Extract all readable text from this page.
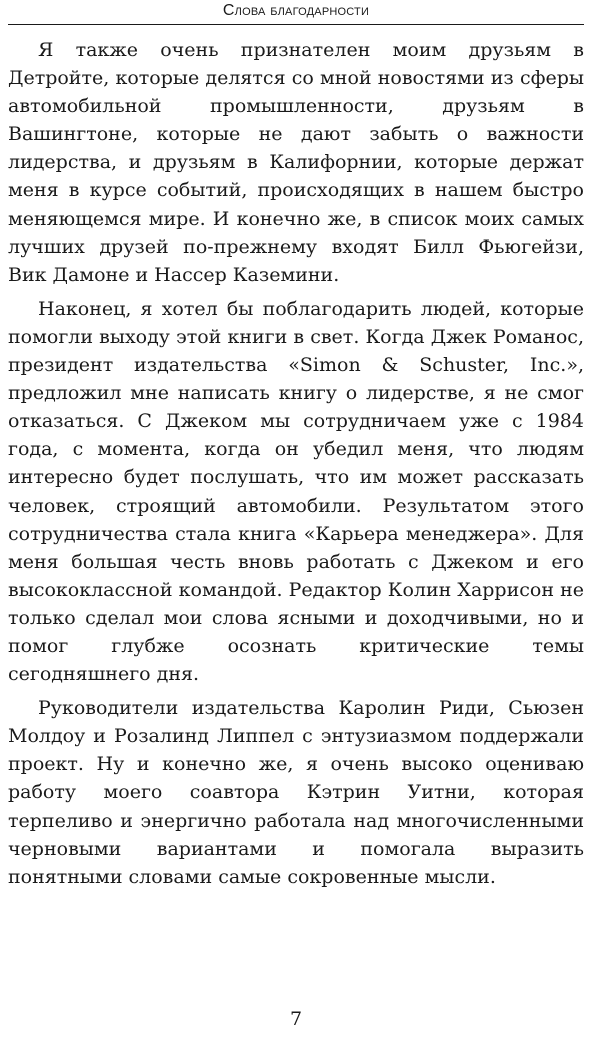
Слова благодарности

Я также очень признателен моим друзьям в Детройте, которые делятся со мной новостями из сферы автомобильной промышленности, друзьям в Вашингтоне, которые не дают забыть о важности лидерства, и друзьям в Калифорнии, которые держат меня в курсе событий, происходящих в нашем быстро меняющемся мире. И конечно же, в список моих самых лучших друзей по-прежнему входят Билл Фьюгейзи, Вик Дамоне и Нассер Каземини.

Наконец, я хотел бы поблагодарить людей, которые помогли выходу этой книги в свет. Когда Джек Романос, президент издательства «Simon & Schuster, Inc.», предложил мне написать книгу о лидерстве, я не смог отказаться. С Джеком мы сотрудничаем уже с 1984 года, с момента, когда он убедил меня, что людям интересно будет послушать, что им может рассказать человек, строящий автомобили. Результатом этого сотрудничества стала книга «Карьера менеджера». Для меня большая честь вновь работать с Джеком и его высококлассной командой. Редактор Колин Харрисон не только сделал мои слова ясными и доходчивыми, но и помог глубже осознать критические темы сегодняшнего дня.

Руководители издательства Каролин Риди, Сьюзен Молдоу и Розалинд Липпел с энтузиазмом поддержали проект. Ну и конечно же, я очень высоко оцениваю работу моего соавтора Кэтрин Уитни, которая терпеливо и энергично работала над многочисленными черновыми вариантами и помогала выразить понятными словами самые сокровенные мысли.

7
